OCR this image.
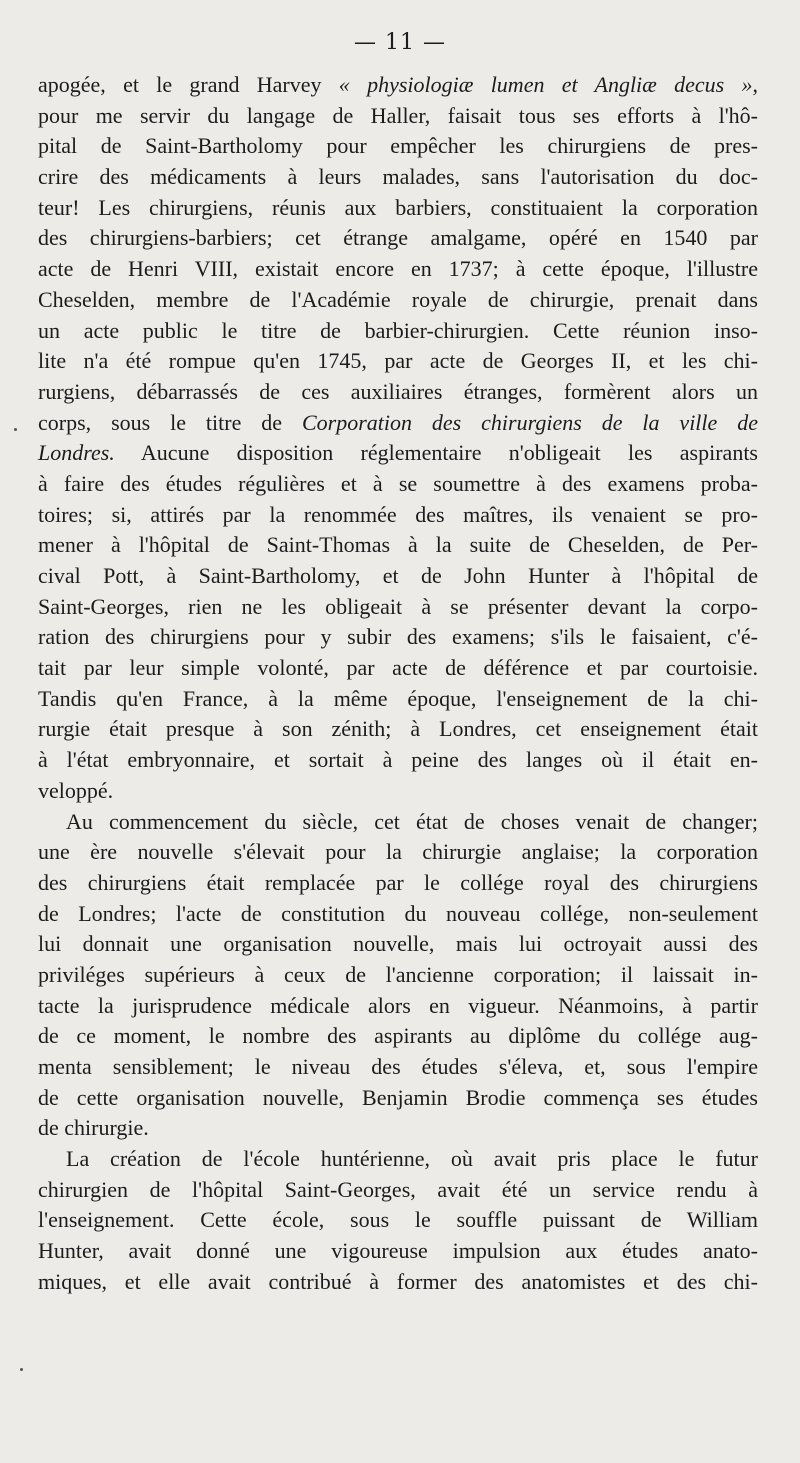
— 11 —
apogée, et le grand Harvey « physiologiæ lumen et Angliæ decus »,
pour me servir du langage de Haller, faisait tous ses efforts à l'hô-
pital de Saint-Bartholomy pour empêcher les chirurgiens de pres-
crire des médicaments à leurs malades, sans l'autorisation du doc-
teur! Les chirurgiens, réunis aux barbiers, constituaient la corporation
des chirurgiens-barbiers; cet étrange amalgame, opéré en 1540 par
acte de Henri VIII, existait encore en 1737; à cette époque, l'illustre
Cheselden, membre de l'Académie royale de chirurgie, prenait dans
un acte public le titre de barbier-chirurgien. Cette réunion inso-
lite n'a été rompue qu'en 1745, par acte de Georges II, et les chi-
rurgiens, débarrassés de ces auxiliaires étranges, formèrent alors un
corps, sous le titre de Corporation des chirurgiens de la ville de
Londres. Aucune disposition réglementaire n'obligeait les aspirants
à faire des études régulières et à se soumettre à des examens proba-
toires; si, attirés par la renommée des maîtres, ils venaient se pro-
mener à l'hôpital de Saint-Thomas à la suite de Cheselden, de Per-
cival Pott, à Saint-Bartholomy, et de John Hunter à l'hôpital de
Saint-Georges, rien ne les obligeait à se présenter devant la corpo-
ration des chirurgiens pour y subir des examens; s'ils le faisaient, c'é-
tait par leur simple volonté, par acte de déférence et par courtoisie.
Tandis qu'en France, à la même époque, l'enseignement de la chi-
rurgie était presque à son zénith; à Londres, cet enseignement était
à l'état embryonnaire, et sortait à peine des langes où il était en-
veloppé.
Au commencement du siècle, cet état de choses venait de changer;
une ère nouvelle s'élevait pour la chirurgie anglaise; la corporation
des chirurgiens était remplacée par le collége royal des chirurgiens
de Londres; l'acte de constitution du nouveau collége, non-seulement
lui donnait une organisation nouvelle, mais lui octroyait aussi des
priviléges supérieurs à ceux de l'ancienne corporation; il laissait in-
tacte la jurisprudence médicale alors en vigueur. Néanmoins, à partir
de ce moment, le nombre des aspirants au diplôme du collége aug-
menta sensiblement; le niveau des études s'éleva, et, sous l'empire
de cette organisation nouvelle, Benjamin Brodie commença ses études
de chirurgie.
La création de l'école huntérienne, où avait pris place le futur
chirurgien de l'hôpital Saint-Georges, avait été un service rendu à
l'enseignement. Cette école, sous le souffle puissant de William
Hunter, avait donné une vigoureuse impulsion aux études anato-
miques, et elle avait contribué à former des anatomistes et des chi-
